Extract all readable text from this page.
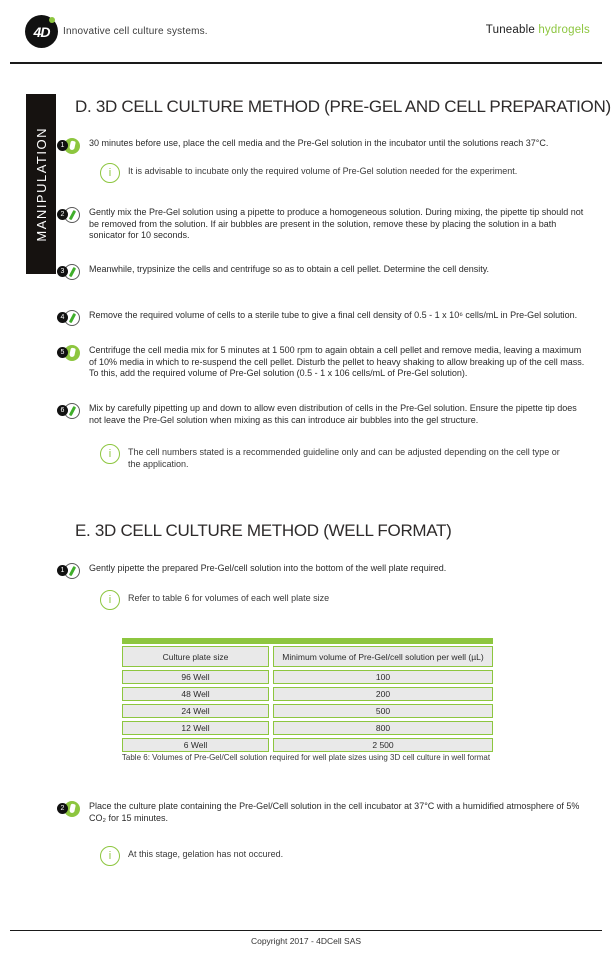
4D Innovative cell culture systems.	Tuneable hydrogels
MANIPULATION
D. 3D CELL CULTURE METHOD (PRE-GEL AND CELL PREPARATION)
1	30 minutes before use, place the cell media and the Pre-Gel solution in the incubator until the solutions reach 37°C.

i	It is advisable to incubate only the required volume of Pre-Gel solution needed for the experiment.

2	Gently mix the Pre-Gel solution using a pipette to produce a homogeneous solution. During mixing, the pipette tip should not be removed from the solution. If air bubbles are present in the solution, remove these by placing the solution in a bath sonicator for 10 seconds.

3	Meanwhile, trypsinize the cells and centrifuge so as to obtain a cell pellet. Determine the cell density.

4	Remove the required volume of cells to a sterile tube to give a final cell density of 0.5 - 1 x 10⁶ cells/mL in Pre-Gel solution.

5	Centrifuge the cell media mix for 5 minutes at 1 500 rpm to again obtain a cell pellet and remove media, leaving a maximum of 10% media in which to re-suspend the cell pellet. Disturb the pellet to heavy shaking to allow breaking up of the cell mass. To this, add the required volume of Pre-Gel solution (0.5 - 1 x 106 cells/mL of Pre-Gel solution).

6	Mix by carefully pipetting up and down to allow even distribution of cells in the Pre-Gel solution. Ensure the pipette tip does not leave the Pre-Gel solution when mixing as this can introduce air bubbles into the gel structure.

i	The cell numbers stated is a recommended guideline only and can be adjusted depending on the cell type or the application.

E. 3D CELL CULTURE METHOD (WELL FORMAT)
1	Gently pipette the prepared Pre-Gel/cell solution into the bottom of the well plate required.

i	Refer to table 6 for volumes of each well plate size

Culture plate size	Minimum volume of Pre-Gel/cell solution per well (µL)
96 Well	100
48 Well	200
24 Well	500
12 Well	800
6 Well	2 500
Table 6: Volumes of Pre-Gel/Cell solution required for well plate sizes using 3D cell culture in well format
2	Place the culture plate containing the Pre-Gel/Cell solution in the cell incubator at 37°C with a humidified atmosphere of 5% CO₂ for 15 minutes.

i	At this stage, gelation has not occured.

Copyright 2017 - 4DCell SAS
